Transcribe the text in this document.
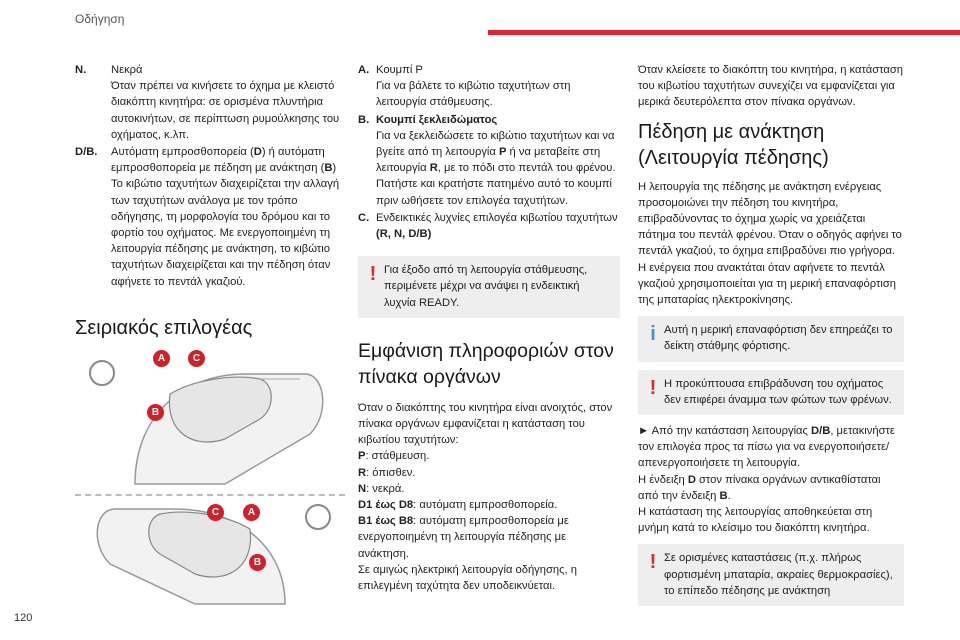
Οδήγηση
120
N.	Νεκρά
Όταν πρέπει να κινήσετε το όχημα με κλειστό διακόπτη κινητήρα: σε ορισμένα πλυντήρια αυτοκινήτων, σε περίπτωση ρυμούλκησης του οχήματος, κ.λπ.
D/B.	Αυτόματη εμπροσθοπορεία (D) ή αυτόματη εμπροσθοπορεία με πέδηση με ανάκτηση (B)
Το κιβώτιο ταχυτήτων διαχειρίζεται την αλλαγή των ταχυτήτων ανάλογα με τον τρόπο οδήγησης, τη μορφολογία του δρόμου και το φορτίο του οχήματος. Με ενεργοποιημένη τη λειτουργία πέδησης με ανάκτηση, το κιβώτιο ταχυτήτων διαχειρίζεται και την πέδηση όταν αφήνετε το πεντάλ γκαζιού.
Σειριακός επιλογέας
A	C
B
C	A
B
A. Κουμπί P
Για να βάλετε το κιβώτιο ταχυτήτων στη λειτουργία στάθμευσης.
B. Κουμπί ξεκλειδώματος
Για να ξεκλειδώσετε το κιβώτιο ταχυτήτων και να βγείτε από τη λειτουργία P ή να μεταβείτε στη λειτουργία R, με το πόδι στο πεντάλ του φρένου.
Πατήστε και κρατήστε πατημένο αυτό το κουμπί πριν ωθήσετε τον επιλογέα ταχυτήτων.
C. Ενδεικτικές λυχνίες επιλογέα κιβωτίου ταχυτήτων
(R, N, D/B)
! Για έξοδο από τη λειτουργία στάθμευσης, περιμένετε μέχρι να ανάψει η ενδεικτική λυχνία READY.
Εμφάνιση πληροφοριών στον πίνακα οργάνων

Όταν ο διακόπτης του κινητήρα είναι ανοιχτός, στον πίνακα οργάνων εμφανίζεται η κατάσταση του κιβωτίου ταχυτήτων:

P: στάθμευση.
R: όπισθεν.
N: νεκρά.
D1 έως D8: αυτόματη εμπροσθοπορεία.
B1 έως B8: αυτόματη εμπροσθοπορεία με ενεργοποιημένη τη λειτουργία πέδησης με ανάκτηση.

Σε αμιγώς ηλεκτρική λειτουργία οδήγησης, η επιλεγμένη ταχύτητα δεν υποδεικνύεται.

Όταν κλείσετε το διακόπτη του κινητήρα, η κατάσταση του κιβωτίου ταχυτήτων συνεχίζει να εμφανίζεται για μερικά δευτερόλεπτα στον πίνακα οργάνων.

Πέδηση με ανάκτηση (Λειτουργία πέδησης)

Η λειτουργία της πέδησης με ανάκτηση ενέργειας προσομοιώνει την πέδηση του κινητήρα, επιβραδύνοντας το όχημα χωρίς να χρειάζεται πάτημα του πεντάλ φρένου. Όταν ο οδηγός αφήνει το πεντάλ γκαζιού, το όχημα επιβραδύνει πιο γρήγορα.
Η ενέργεια που ανακτάται όταν αφήνετε το πεντάλ γκαζιού χρησιμοποιείται για τη μερική επαναφόρτιση της μπαταρίας ηλεκτροκίνησης.

i Αυτή η μερική επαναφόρτιση δεν επηρεάζει το δείκτη στάθμης φόρτισης.
! Η προκύπτουσα επιβράδυνση του οχήματος δεν επιφέρει άναμμα των φώτων των φρένων.

► Από την κατάσταση λειτουργίας D/B, μετακινήστε τον επιλογέα προς τα πίσω για να ενεργοποιήσετε/απενεργοποιήσετε τη λειτουργία.

Η ένδειξη D στον πίνακα οργάνων αντικαθίσταται από την ένδειξη B.
Η κατάσταση της λειτουργίας αποθηκεύεται στη μνήμη κατά το κλείσιμο του διακόπτη κινητήρα.

! Σε ορισμένες καταστάσεις (π.χ. πλήρως φορτισμένη μπαταρία, ακραίες θερμοκρασίες), το επίπεδο πέδησης με ανάκτηση
